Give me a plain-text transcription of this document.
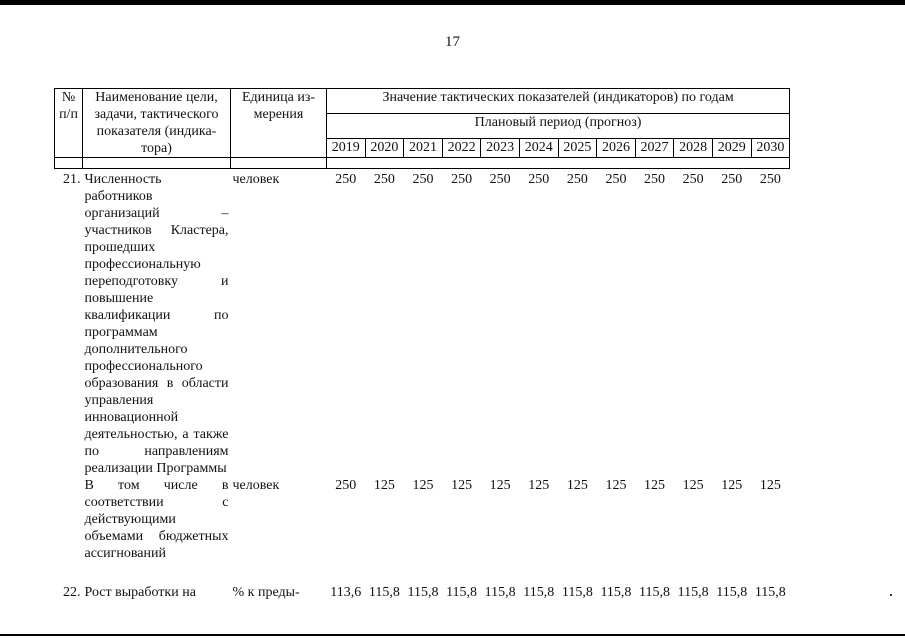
17
№ п/п	Наименование цели, задачи, тактического показателя (индика-тора)	Единица из-мерения	Значение тактических показателей (индикаторов) по годам											
			Плановый период (прогноз)											
			2019	2020	2021	2022	2023	2024	2025	2026	2027	2028	2029	2030

21.	Численность работников организаций – участников Кластера, прошедших профессиональную переподготовку и повышение квалификации по программам дополнительного профессионального образования в области управления инновационной деятельностью, а также по направлениям реализации Программы	человек	250	250	250	250	250	250	250	250	250	250	250	250
	В том числе в соответствии с действующими объемами бюджетных ассигнований	человек	250	125	125	125	125	125	125	125	125	125	125	125
22.	Рост выработки на	% к преды-	113,6	115,8	115,8	115,8	115,8	115,8	115,8	115,8	115,8	115,8	115,8	115,8
